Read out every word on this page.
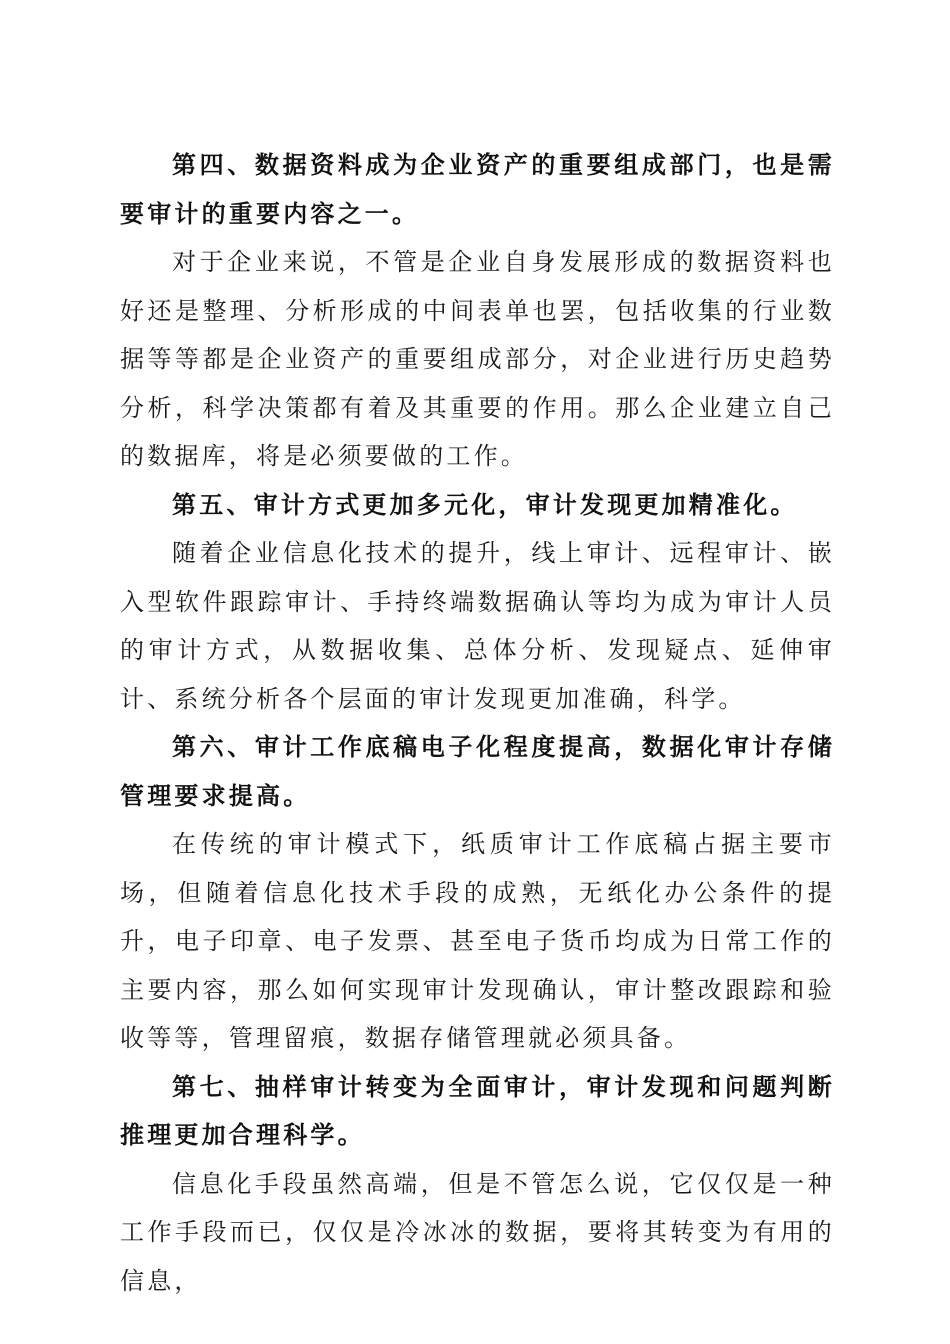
第四、数据资料成为企业资产的重要组成部门，也是需要审计的重要内容之一。

对于企业来说，不管是企业自身发展形成的数据资料也好还是整理、分析形成的中间表单也罢，包括收集的行业数据等等都是企业资产的重要组成部分，对企业进行历史趋势分析，科学决策都有着及其重要的作用。那么企业建立自己的数据库，将是必须要做的工作。

第五、审计方式更加多元化，审计发现更加精准化。

随着企业信息化技术的提升，线上审计、远程审计、嵌入型软件跟踪审计、手持终端数据确认等均为成为审计人员的审计方式，从数据收集、总体分析、发现疑点、延伸审计、系统分析各个层面的审计发现更加准确，科学。

第六、审计工作底稿电子化程度提高，数据化审计存储管理要求提高。

在传统的审计模式下，纸质审计工作底稿占据主要市场，但随着信息化技术手段的成熟，无纸化办公条件的提升，电子印章、电子发票、甚至电子货币均成为日常工作的主要内容，那么如何实现审计发现确认，审计整改跟踪和验收等等，管理留痕，数据存储管理就必须具备。

第七、抽样审计转变为全面审计，审计发现和问题判断推理更加合理科学。

信息化手段虽然高端，但是不管怎么说，它仅仅是一种工作手段而已，仅仅是冷冰冰的数据，要将其转变为有用的信息，
